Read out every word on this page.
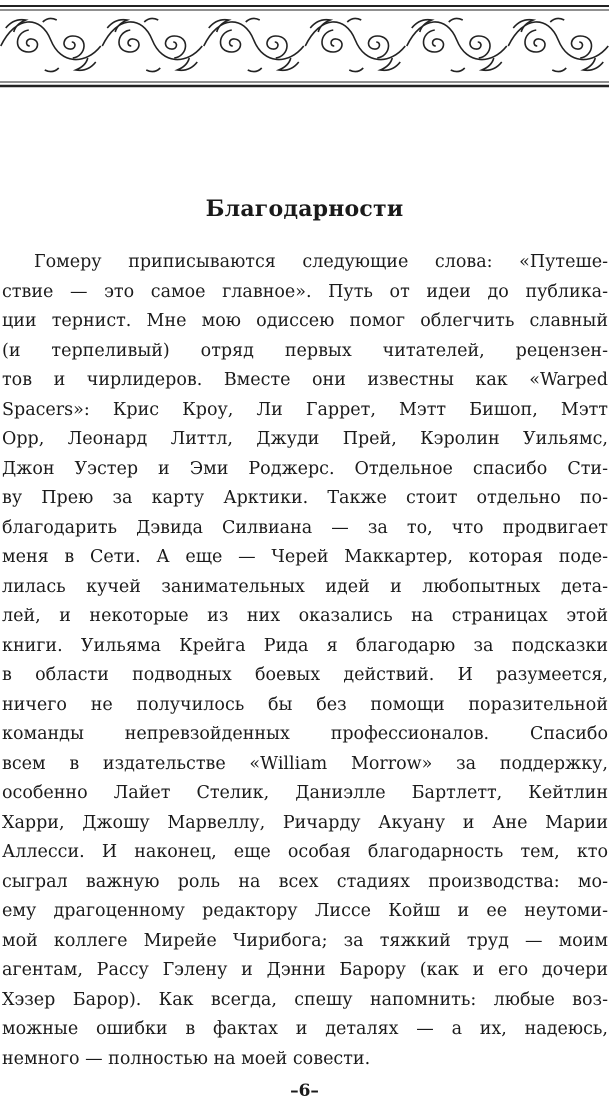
Благодарности
Гомеру приписываются следующие слова: «Путеше-
ствие — это самое главное». Путь от идеи до публика-
ции тернист. Мне мою одиссею помог облегчить славный
(и терпеливый) отряд первых читателей, рецензен-
тов и чирлидеров. Вместе они известны как «Warped
Spacers»: Крис Кроу, Ли Гаррет, Мэтт Бишоп, Мэтт
Орр, Леонард Литтл, Джуди Прей, Кэролин Уильямс,
Джон Уэстер и Эми Роджерс. Отдельное спасибо Сти-
ву Прею за карту Арктики. Также стоит отдельно по-
благодарить Дэвида Силвиана — за то, что продвигает
меня в Сети. А еще — Черей Маккартер, которая поде-
лилась кучей занимательных идей и любопытных дета-
лей, и некоторые из них оказались на страницах этой
книги. Уильяма Крейга Рида я благодарю за подсказки
в области подводных боевых действий. И разумеется,
ничего не получилось бы без помощи поразительной
команды непревзойденных профессионалов. Спасибо
всем в издательстве «William Morrow» за поддержку,
особенно Лайет Стелик, Даниэлле Бартлетт, Кейтлин
Харри, Джошу Марвеллу, Ричарду Акуану и Ане Марии
Аллесси. И наконец, еще особая благодарность тем, кто
сыграл важную роль на всех стадиях производства: мо-
ему драгоценному редактору Лиссе Койш и ее неутоми-
мой коллеге Мирейе Чирибога; за тяжкий труд — моим
агентам, Рассу Гэлену и Дэнни Барору (как и его дочери
Хэзер Барор). Как всегда, спешу напомнить: любые воз-
можные ошибки в фактах и деталях — а их, надеюсь,
немного — полностью на моей совести.
–6–
